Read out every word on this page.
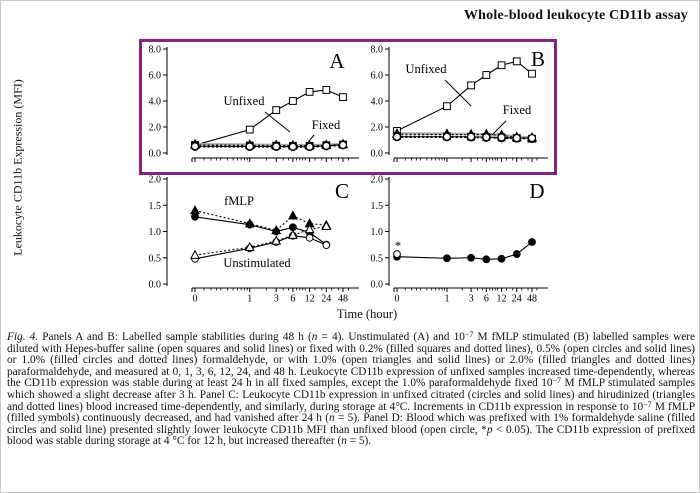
Whole-blood leukocyte CD11b assay
0.0
2.0
4.0
6.0
8.0
Unfixed
Fixed
A
0.0
2.0
4.0
6.0
8.0
Unfixed
Fixed
B
0.0
0.5
1.0
1.5
2.0
0	1 3 6 12 24 48
fMLP
Unstimulated
C
0.0
0.5
1.0
1.5
2.0
0	1 3 6 12 24 48
*
D
Leukocyte CD11b Expression (MFI)
Time (hour)

Fig. 4. Panels A and B: Labelled sample stabilities during 48 h (n = 4). Unstimulated (A) and $10^{-7}$ M fMLP stimulated (B) labelled samples were diluted with Hepes-buffer saline (open squares and solid lines) or fixed with 0.2% (filled squares and dotted lines), 0.5% (open circles and solid lines) or 1.0% (filled circles and dotted lines) formaldehyde, or with 1.0% (open triangles and solid lines) or 2.0% (filled triangles and dotted lines) paraformaldehyde, and measured at 0, 1, 3, 6, 12, 24, and 48 h. Leukocyte CD11b expression of unfixed samples increased time-dependently, whereas the CD11b expression was stable during at least 24 h in all fixed samples, except the 1.0% paraformaldehyde fixed $10^{-7}$ M fMLP stimulated samples which showed a slight decrease after 3 h. Panel C: Leukocyte CD11b expression in unfixed citrated (circles and solid lines) and hirudinized (triangles and dotted lines) blood increased time-dependently, and similarly, during storage at 4°C. Increments in CD11b expression in response to $10^{-7}$ M fMLP (filled symbols) continuously decreased, and had vanished after 24 h (n = 5). Panel D: Blood which was prefixed with 1% formaldehyde saline (filled circles and solid line) presented slightly lower leukocyte CD11b MFI than unfixed blood (open circle, *p < 0.05). The CD11b expression of prefixed blood was stable during storage at 4 °C for 12 h, but increased thereafter (n = 5).
